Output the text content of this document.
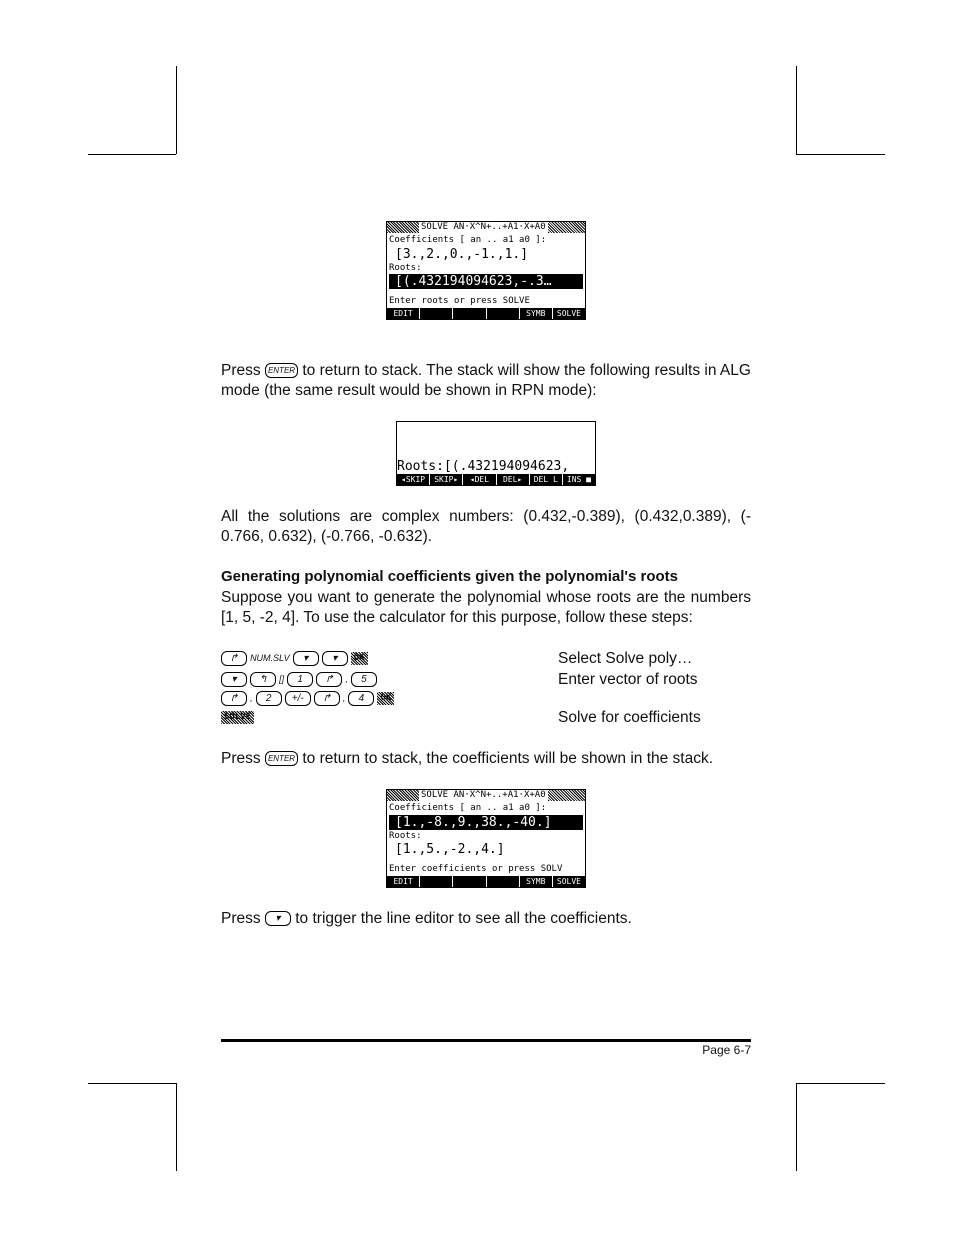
SOLVE AN·X^N+..+A1·X+A0
Coefficients [ an .. a1 a0 ]:
[3.,2.,0.,-1.,1.]
Roots:
[(.432194094623,-.3…
Enter roots or press SOLVE
EDIT	SYMB	SOLVE
Press ENTER to return to stack. The stack will show the following results in ALG mode (the same result would be shown in RPN mode):
Roots:[(.432194094623,
◂SKIP	SKIP▸	◂DEL	DEL▸	DEL L	INS ■
All the solutions are complex numbers: (0.432,-0.389), (0.432,0.389), (-
0.766, 0.632), (-0.766, -0.632).
Generating polynomial coefficients given the polynomial's roots
Suppose you want to generate the polynomial whose roots are the numbers
[1, 5, -2, 4]. To use the calculator for this purpose, follow these steps:
↱ NUM.SLV ▾ ▾ OK	Select Solve poly…
▾ ↰ [] 1 ↱ , 5	Enter vector of roots
↱ , 2 +/- ↱ , 4 OK
SOLVE	Solve for coefficients
Press ENTER to return to stack, the coefficients will be shown in the stack.
SOLVE AN·X^N+..+A1·X+A0
Coefficients [ an .. a1 a0 ]:
[1.,-8.,9.,38.,-40.]
Roots:
[1.,5.,-2.,4.]
Enter coefficients or press SOLV
EDIT	SYMB	SOLVE
Press ▾ to trigger the line editor to see all the coefficients.
Page 6-7
